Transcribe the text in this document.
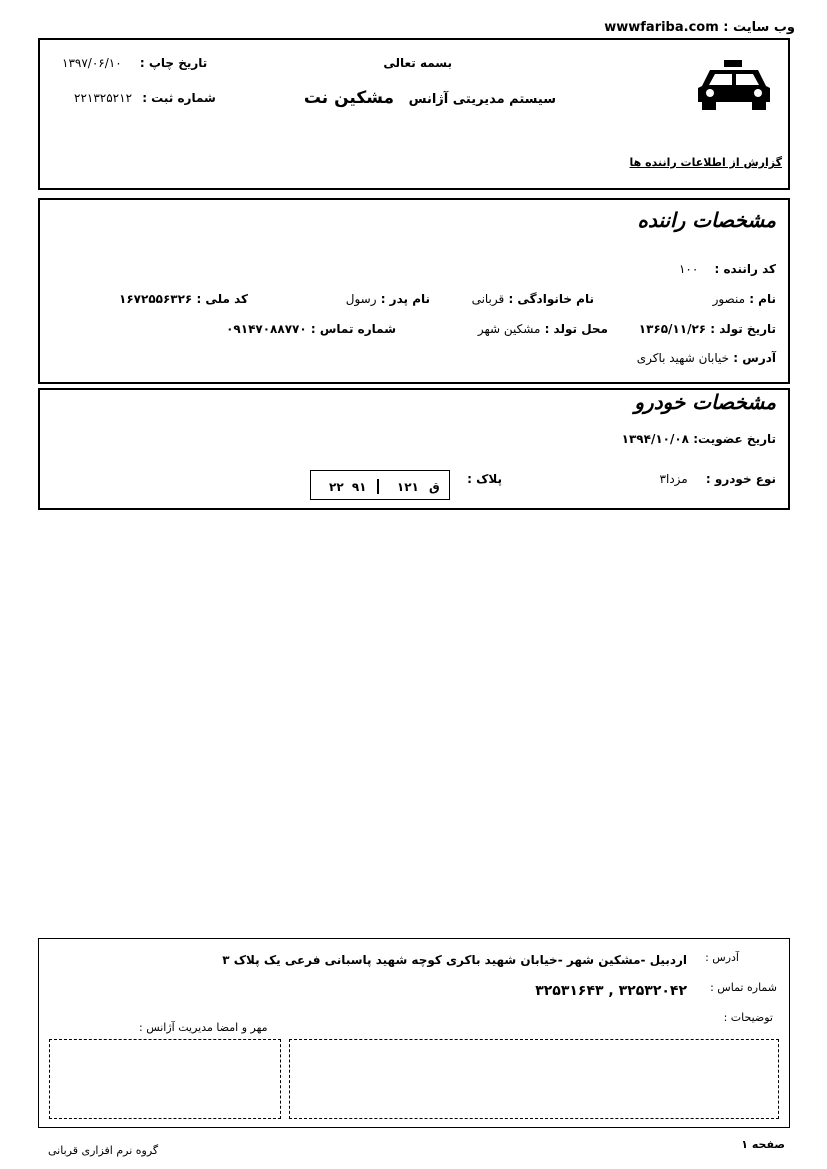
وب سایت : wwwfariba.com
بسمه تعالی
تاریخ چاپ : ۱۳۹۷/۰۶/۱۰
شماره ثبت : ۲۲۱۳۲۵۲۱۲	سیستم مدیریتی آژانس مشکین نت
گزارش از اطلاعات راننده ها
مشخصات راننده
کد راننده : ۱۰۰
نام : منصور
نام خانوادگی : قربانی
نام پدر : رسول
کد ملی : ۱۶۷۲۵۵۶۳۲۶
تاریخ تولد : ۱۳۶۵/۱۱/۲۶
محل تولد : مشکین شهر
شماره تماس : ۰۹۱۴۷۰۸۸۷۷۰
آدرس : خیابان شهید باکری
مشخصات خودرو
تاریخ عضویت: ۱۳۹۴/۱۰/۰۸
نوع خودرو : مزدا۳
پلاک :
۲۲	ق ۱۲۱  ۹۱
آدرس :
اردبیل -مشکین شهر -خیابان شهید باکری کوچه شهید پاسبانی فرعی یک پلاک ۳
شماره تماس :
۳۲۵۳۲۰۴۲ , ۳۲۵۳۱۶۴۳
توضیحات :
مهر و امضا مدیریت آژانس :
صفحه ۱
گروه نرم افزاری قربانی
